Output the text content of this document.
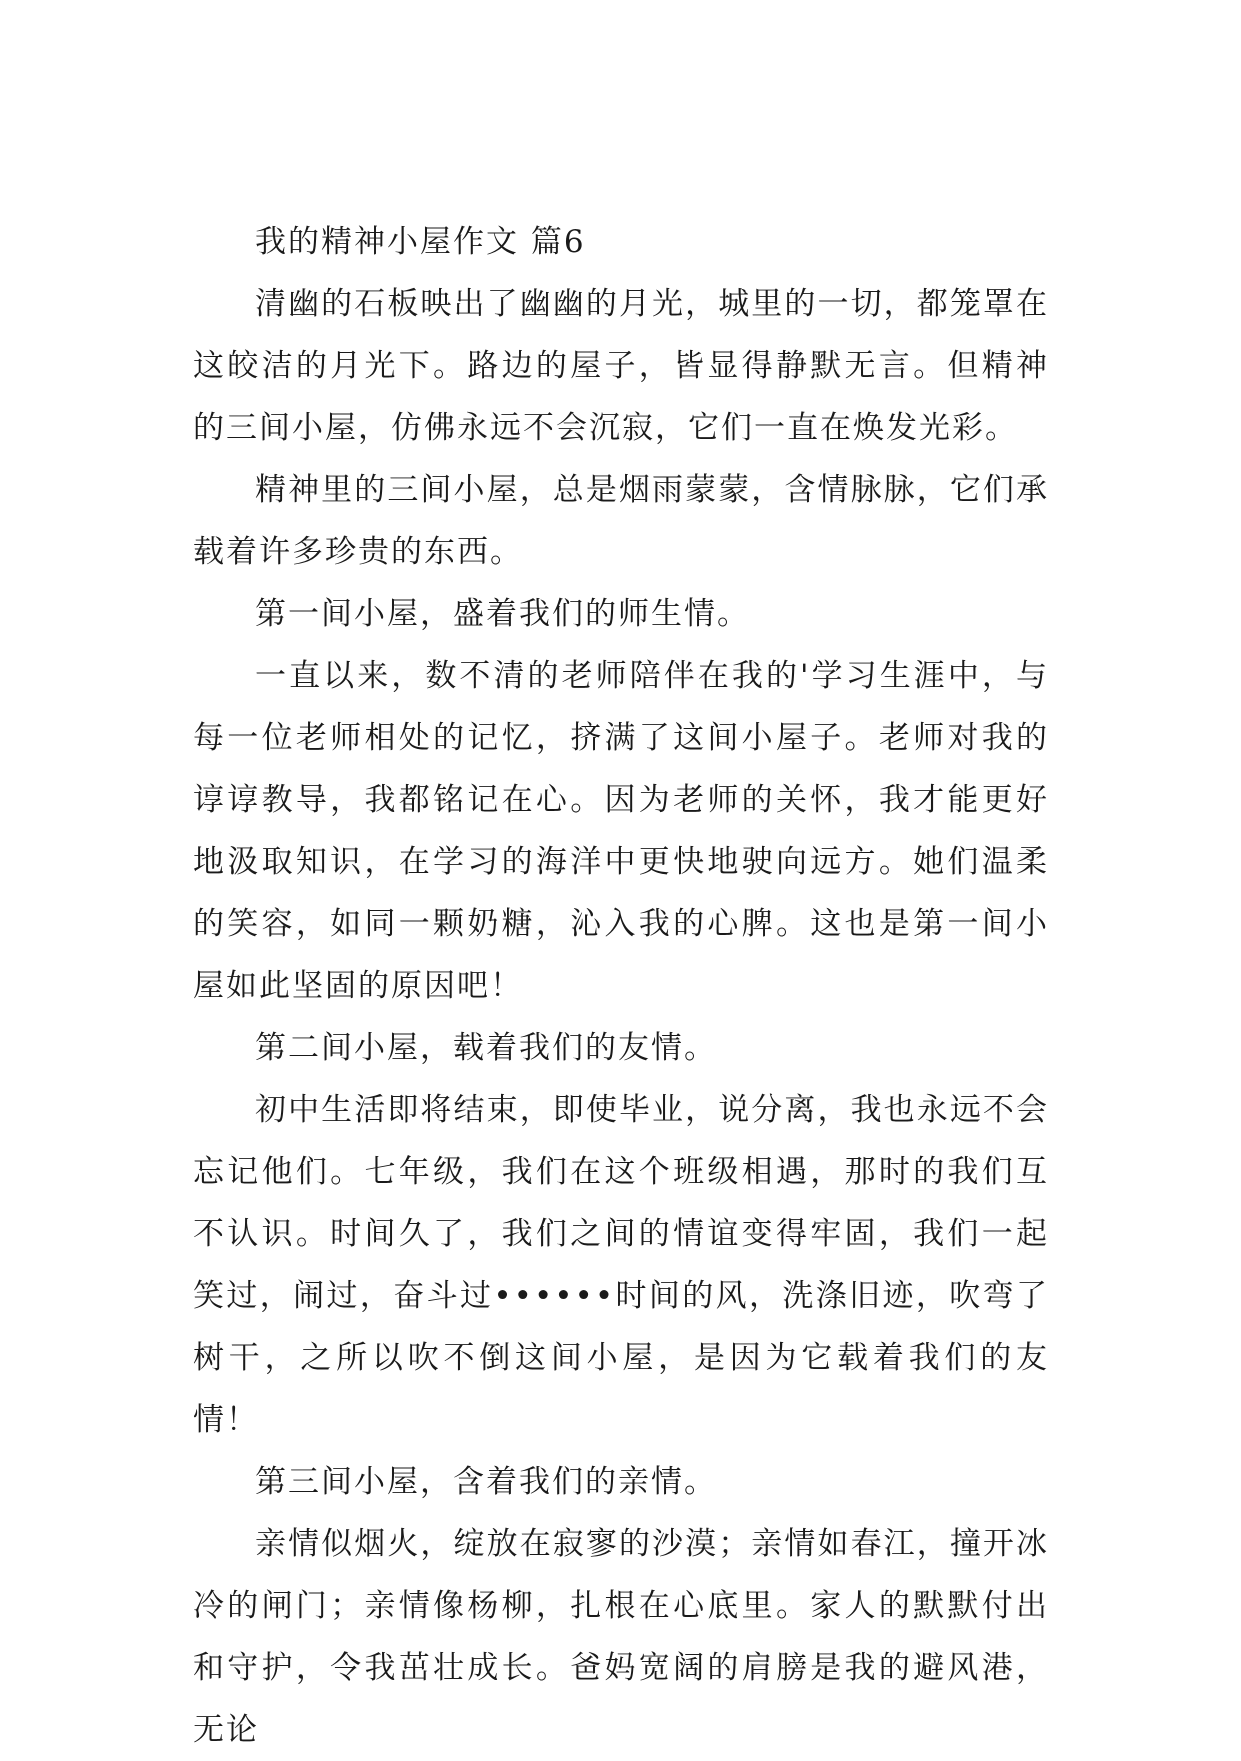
我的精神小屋作文 篇6

清幽的石板映出了幽幽的月光，城里的一切，都笼罩在这皎洁的月光下。路边的屋子，皆显得静默无言。但精神的三间小屋，仿佛永远不会沉寂，它们一直在焕发光彩。

精神里的三间小屋，总是烟雨蒙蒙，含情脉脉，它们承载着许多珍贵的东西。

第一间小屋，盛着我们的师生情。

一直以来，数不清的老师陪伴在我的'学习生涯中，与每一位老师相处的记忆，挤满了这间小屋子。老师对我的谆谆教导，我都铭记在心。因为老师的关怀，我才能更好地汲取知识，在学习的海洋中更快地驶向远方。她们温柔的笑容，如同一颗奶糖，沁入我的心脾。这也是第一间小屋如此坚固的原因吧！

第二间小屋，载着我们的友情。

初中生活即将结束，即使毕业，说分离，我也永远不会忘记他们。七年级，我们在这个班级相遇，那时的我们互不认识。时间久了，我们之间的情谊变得牢固，我们一起笑过，闹过，奋斗过••••••时间的风，洗涤旧迹，吹弯了树干，之所以吹不倒这间小屋，是因为它载着我们的友情！

第三间小屋，含着我们的亲情。

亲情似烟火，绽放在寂寥的沙漠；亲情如春江，撞开冰冷的闸门；亲情像杨柳，扎根在心底里。家人的默默付出和守护，令我茁壮成长。爸妈宽阔的肩膀是我的避风港，无论
